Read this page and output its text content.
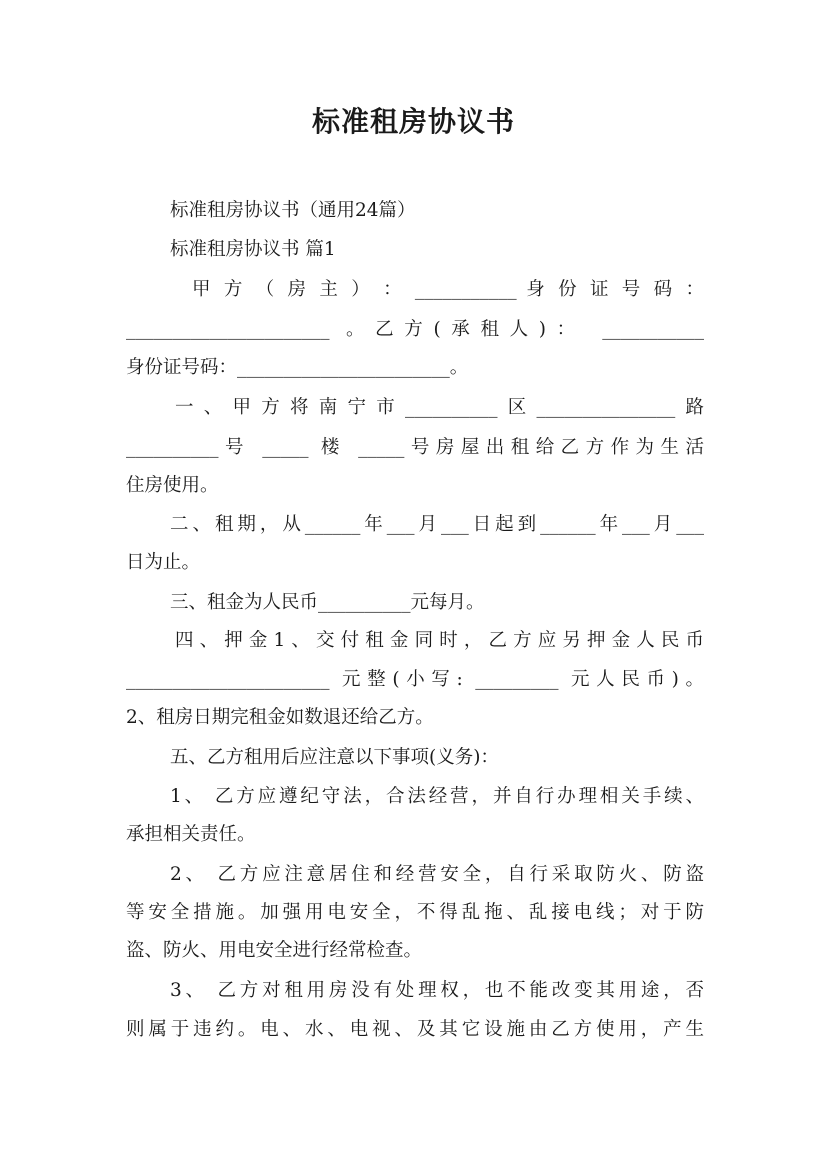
标准租房协议书
标准租房协议书（通用24篇）
标准租房协议书 篇1
甲 方 （ 房 主 ） ： ___________ 身 份 证 号 码 ：
______________________ 。乙方(承租人)： ___________
身份证号码：_______________________。
一、甲方将南宁市__________区_______________路
__________号 _____ 楼 _____号房屋出租给乙方作为生活
住房使用。
二、租期，从______年___月___日起到______年___月___
日为止。
三、租金为人民币__________元每月。
四、押金1、交付租金同时，乙方应另押金人民币
______________________ 元整(小写: _________ 元人民币)。
2、租房日期完租金如数退还给乙方。
五、乙方租用后应注意以下事项(义务)：
1、 乙方应遵纪守法，合法经营，并自行办理相关手续、
承担相关责任。
2、 乙方应注意居住和经营安全，自行采取防火、防盗
等安全措施。加强用电安全，不得乱拖、乱接电线；对于防
盗、防火、用电安全进行经常检查。
3、 乙方对租用房没有处理权，也不能改变其用途，否
则属于违约。电、水、电视、及其它设施由乙方使用，产生
